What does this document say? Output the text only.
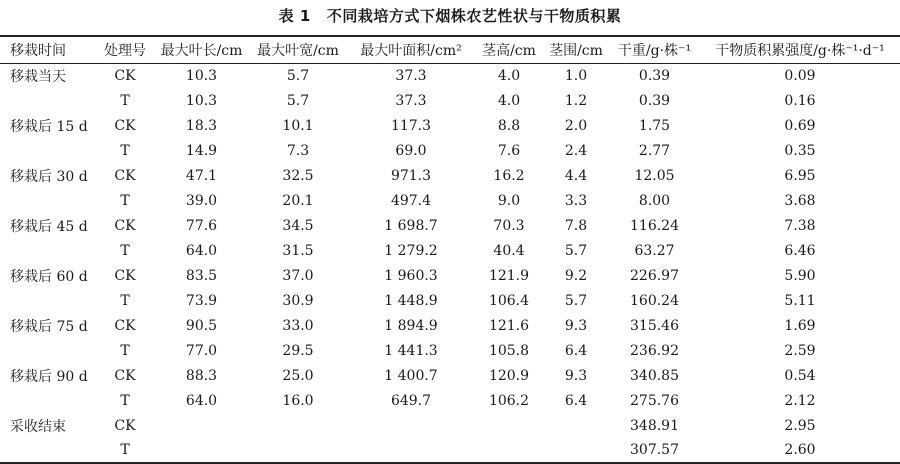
表 1 不同栽培方式下烟株农艺性状与干物质积累
移栽时间	处理号	最大叶长/cm	最大叶宽/cm	最大叶面积/cm²	茎高/cm	茎围/cm	干重/g·株⁻¹	干物质积累强度/g·株⁻¹·d⁻¹
移栽当天	CK	10.3	5.7	37.3	4.0	1.0	0.39	0.09
	T	10.3	5.7	37.3	4.0	1.2	0.39	0.16
移栽后 15 d	CK	18.3	10.1	117.3	8.8	2.0	1.75	0.69
	T	14.9	7.3	69.0	7.6	2.4	2.77	0.35
移栽后 30 d	CK	47.1	32.5	971.3	16.2	4.4	12.05	6.95
	T	39.0	20.1	497.4	9.0	3.3	8.00	3.68
移栽后 45 d	CK	77.6	34.5	1 698.7	70.3	7.8	116.24	7.38
	T	64.0	31.5	1 279.2	40.4	5.7	63.27	6.46
移栽后 60 d	CK	83.5	37.0	1 960.3	121.9	9.2	226.97	5.90
	T	73.9	30.9	1 448.9	106.4	5.7	160.24	5.11
移栽后 75 d	CK	90.5	33.0	1 894.9	121.6	9.3	315.46	1.69
	T	77.0	29.5	1 441.3	105.8	6.4	236.92	2.59
移栽后 90 d	CK	88.3	25.0	1 400.7	120.9	9.3	340.85	0.54
	T	64.0	16.0	649.7	106.2	6.4	275.76	2.12
采收结束	CK						348.91	2.95
	T						307.57	2.60
